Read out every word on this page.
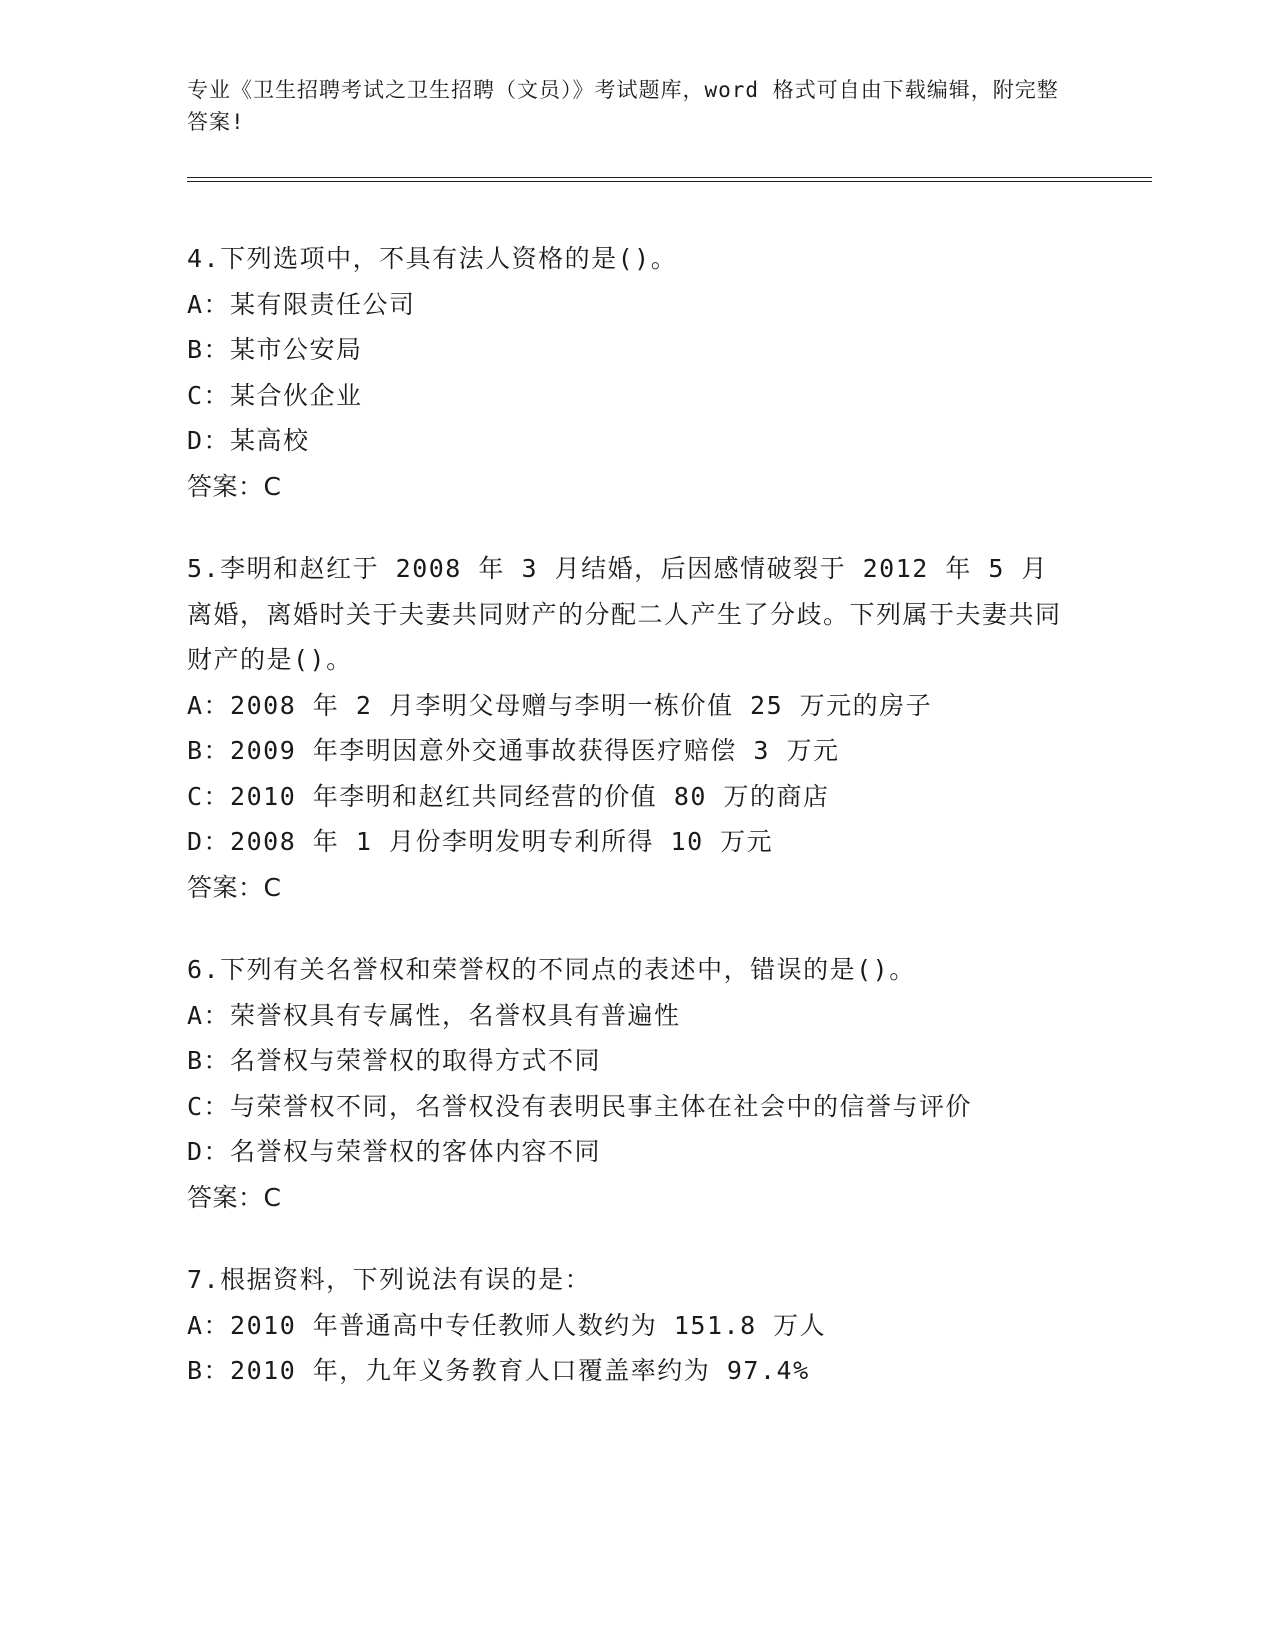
专业《卫生招聘考试之卫生招聘（文员）》考试题库，word 格式可自由下载编辑，附完整答案!
4.下列选项中，不具有法人资格的是()。
A：某有限责任公司
B：某市公安局
C：某合伙企业
D：某高校
答案：C
5.李明和赵红于 2008 年 3 月结婚，后因感情破裂于 2012 年 5 月离婚，离婚时关于夫妻共同财产的分配二人产生了分歧。下列属于夫妻共同财产的是()。
A：2008 年 2 月李明父母赠与李明一栋价值 25 万元的房子
B：2009 年李明因意外交通事故获得医疗赔偿 3 万元
C：2010 年李明和赵红共同经营的价值 80 万的商店
D：2008 年 1 月份李明发明专利所得 10 万元
答案：C
6.下列有关名誉权和荣誉权的不同点的表述中，错误的是()。
A：荣誉权具有专属性，名誉权具有普遍性
B：名誉权与荣誉权的取得方式不同
C：与荣誉权不同，名誉权没有表明民事主体在社会中的信誉与评价
D：名誉权与荣誉权的客体内容不同
答案：C
7.根据资料，下列说法有误的是：
A：2010 年普通高中专任教师人数约为 151.8 万人
B：2010 年，九年义务教育人口覆盖率约为 97.4%
